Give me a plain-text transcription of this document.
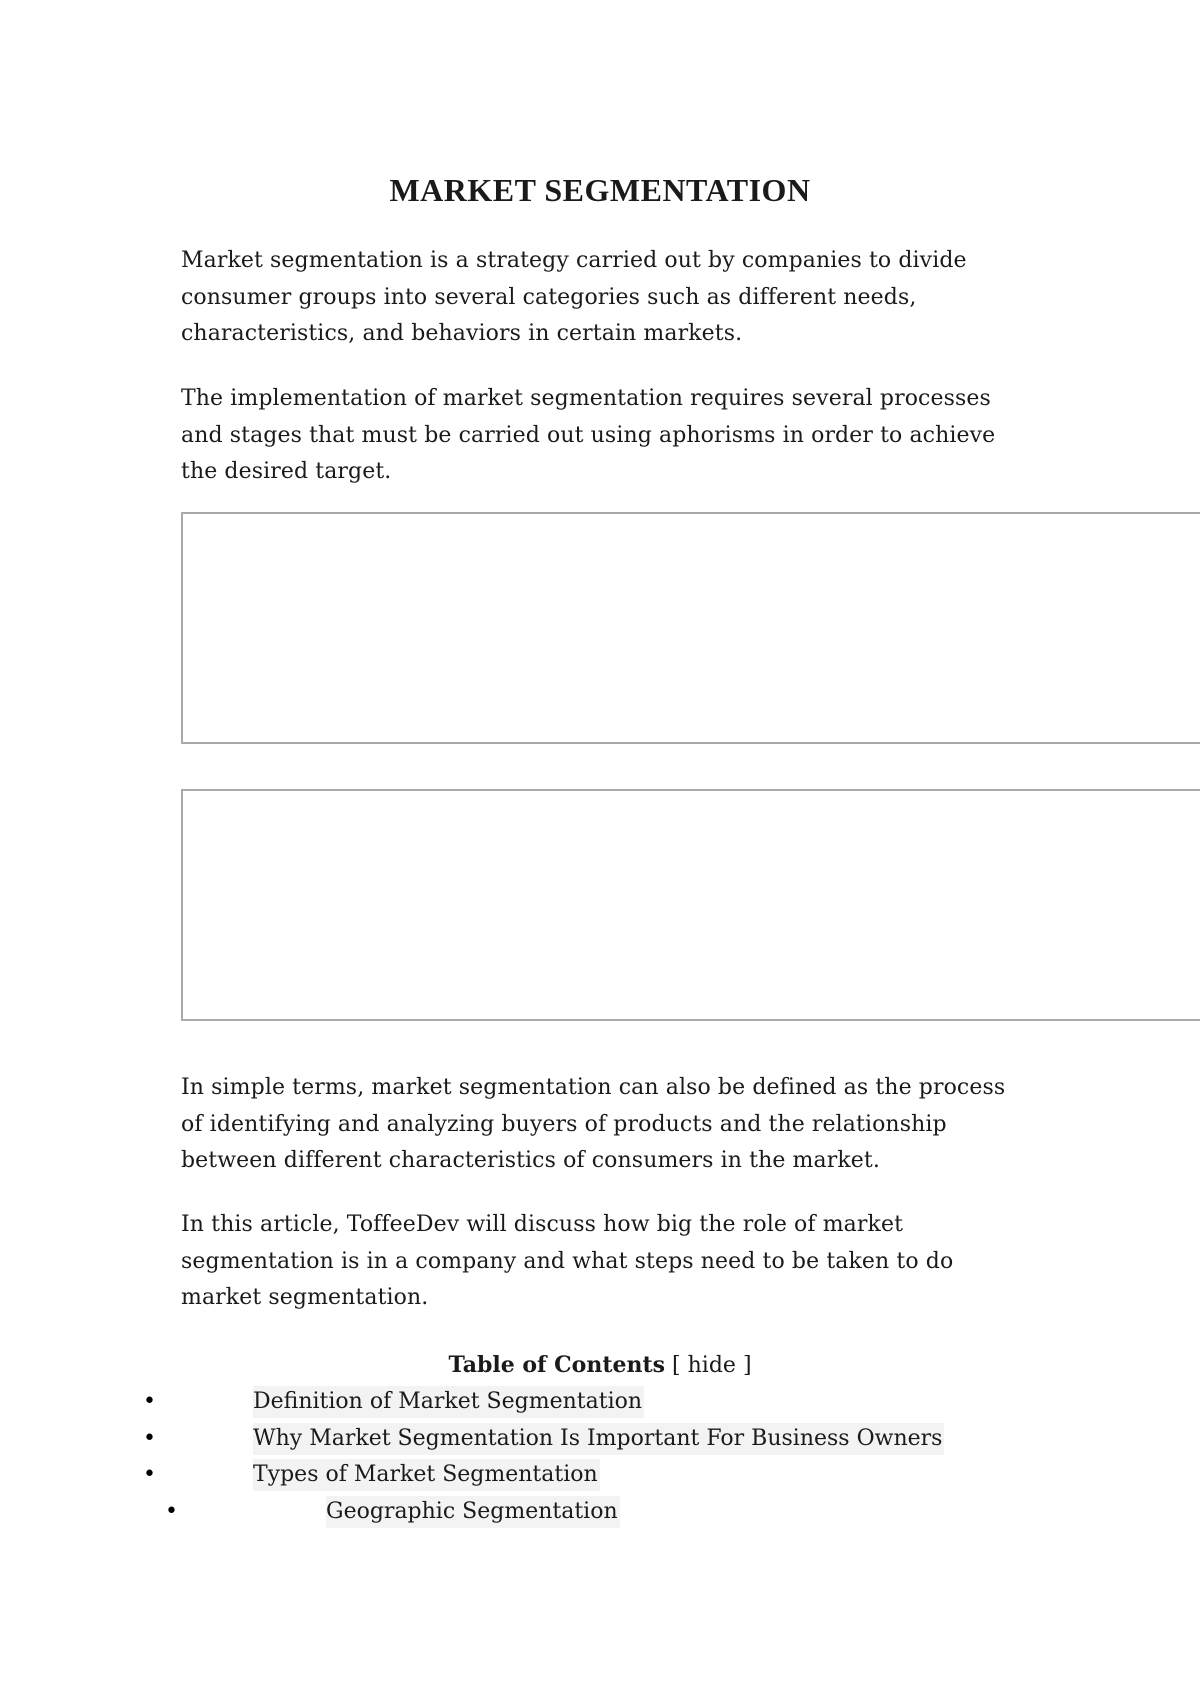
MARKET SEGMENTATION

Market segmentation is a strategy carried out by companies to divide consumer groups into several categories such as different needs, characteristics, and behaviors in certain markets.

The implementation of market segmentation requires several processes and stages that must be carried out using aphorisms in order to achieve the desired target.

In simple terms, market segmentation can also be defined as the process of identifying and analyzing buyers of products and the relationship between different characteristics of consumers in the market.

In this article, ToffeeDev will discuss how big the role of market segmentation is in a company and what steps need to be taken to do market segmentation.

Table of Contents [ hide ]

•	Definition of Market Segmentation
•	Why Market Segmentation Is Important For Business Owners
•	Types of Market Segmentation
•	Geographic Segmentation
